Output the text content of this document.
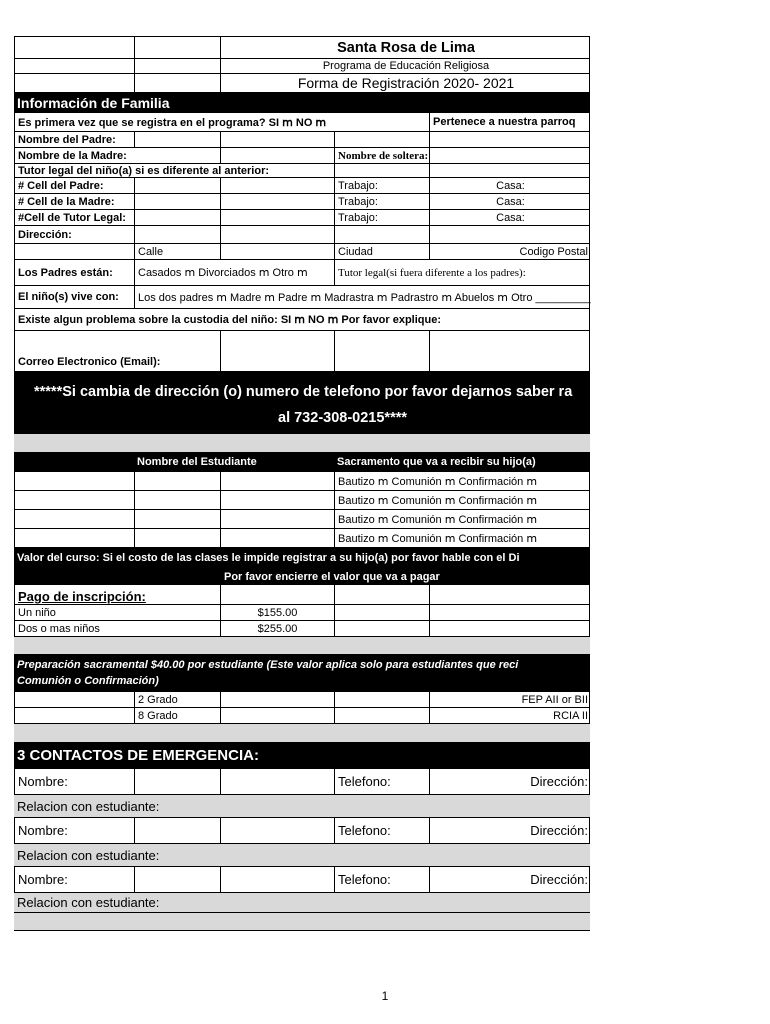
Santa Rosa de Lima
Programa de Educación Religiosa
Forma de Registración 2020- 2021
Información de Familia
Es primera vez que se registra en el programa? SI ⅿ NO ⅿ	Pertenece a nuestra parroq
Nombre del Padre:
Nombre de la Madre:	Nombre de soltera:
Tutor legal del niño(a) si es diferente al anterior:
# Cell del Padre:	Trabajo:	Casa:
# Cell de la Madre:	Trabajo:	Casa:
#Cell de Tutor Legal:	Trabajo:	Casa:
Dirección:
Calle	Ciudad	Codigo Postal
Los Padres están:	Casados ⅿ Divorciados ⅿ Otro ⅿ	Tutor legal(si fuera diferente a los padres):
El niño(s) vive con:	Los dos padres ⅿ Madre ⅿ Padre ⅿ Madrastra ⅿ Padrastro ⅿ Abuelos ⅿ Otro _________
Existe algun problema sobre la custodia del niño: SI ⅿ NO ⅿ Por favor explique:
Correo Electronico (Email):
*****Si cambia de dirección (o) numero de telefono por favor dejarnos saber ra
al 732-308-0215****
Nombre del Estudiante	Sacramento que va a recibir su hijo(a)
Bautizo ⅿ Comunión ⅿ Confirmación ⅿ
Bautizo ⅿ Comunión ⅿ Confirmación ⅿ
Bautizo ⅿ Comunión ⅿ Confirmación ⅿ
Bautizo ⅿ Comunión ⅿ Confirmación ⅿ
Valor del curso: Si el costo de las clases le impide registrar a su hijo(a) por favor hable con el Di
Por favor encierre el valor que va a pagar
Pago de inscripción:
Un niño	$155.00
Dos o mas niños	$255.00
Preparación sacramental $40.00 por estudiante (Este valor aplica solo para estudiantes que reci
Comunión o Confirmación)
2 Grado	FEP AII or BII
8 Grado	RCIA II
3 CONTACTOS DE EMERGENCIA:
Nombre:	Telefono:	Dirección:
Relacion con estudiante:
Nombre:	Telefono:	Dirección:
Relacion con estudiante:
Nombre:	Telefono:	Dirección:
Relacion con estudiante:
1
